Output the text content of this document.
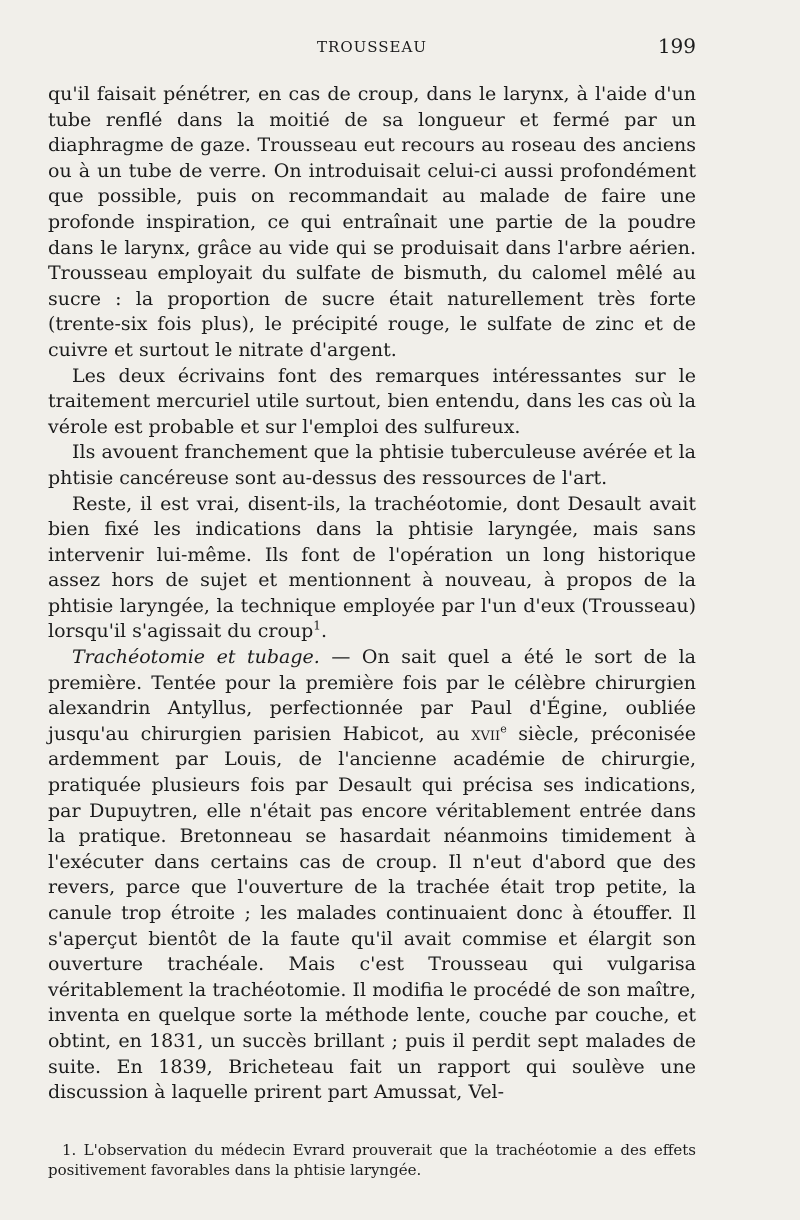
TROUSSEAU	199

qu'il faisait pénétrer, en cas de croup, dans le larynx, à l'aide d'un tube renflé dans la moitié de sa longueur et fermé par un diaphragme de gaze. Trousseau eut recours au roseau des anciens ou à un tube de verre. On introduisait celui-ci aussi profondément que possible, puis on recommandait au malade de faire une profonde inspiration, ce qui entraînait une partie de la poudre dans le larynx, grâce au vide qui se produisait dans l'arbre aérien. Trousseau employait du sulfate de bismuth, du calomel mêlé au sucre : la proportion de sucre était naturellement très forte (trente-six fois plus), le précipité rouge, le sulfate de zinc et de cuivre et surtout le nitrate d'argent.

Les deux écrivains font des remarques intéressantes sur le traitement mercuriel utile surtout, bien entendu, dans les cas où la vérole est probable et sur l'emploi des sulfureux.

Ils avouent franchement que la phtisie tuberculeuse avérée et la phtisie cancéreuse sont au-dessus des ressources de l'art.

Reste, il est vrai, disent-ils, la trachéotomie, dont Desault avait bien fixé les indications dans la phtisie laryngée, mais sans intervenir lui-même. Ils font de l'opération un long historique assez hors de sujet et mentionnent à nouveau, à propos de la phtisie laryngée, la technique employée par l'un d'eux (Trousseau) lorsqu'il s'agissait du croup$^1$.

Trachéotomie et tubage. — On sait quel a été le sort de la première. Tentée pour la première fois par le célèbre chirurgien alexandrin Antyllus, perfectionnée par Paul d'Égine, oubliée jusqu'au chirurgien parisien Habicot, au xvii$^e$ siècle, préconisée ardemment par Louis, de l'ancienne académie de chirurgie, pratiquée plusieurs fois par Desault qui précisa ses indications, par Dupuytren, elle n'était pas encore véritablement entrée dans la pratique. Bretonneau se hasardait néanmoins timidement à l'exécuter dans certains cas de croup. Il n'eut d'abord que des revers, parce que l'ouverture de la trachée était trop petite, la canule trop étroite ; les malades continuaient donc à étouffer. Il s'aperçut bientôt de la faute qu'il avait commise et élargit son ouverture trachéale. Mais c'est Trousseau qui vulgarisa véritablement la trachéotomie. Il modifia le procédé de son maître, inventa en quelque sorte la méthode lente, couche par couche, et obtint, en 1831, un succès brillant ; puis il perdit sept malades de suite. En 1839, Bricheteau fait un rapport qui soulève une discussion à laquelle prirent part Amussat, Vel-

1. L'observation du médecin Evrard prouverait que la trachéotomie a des effets positivement favorables dans la phtisie laryngée.
